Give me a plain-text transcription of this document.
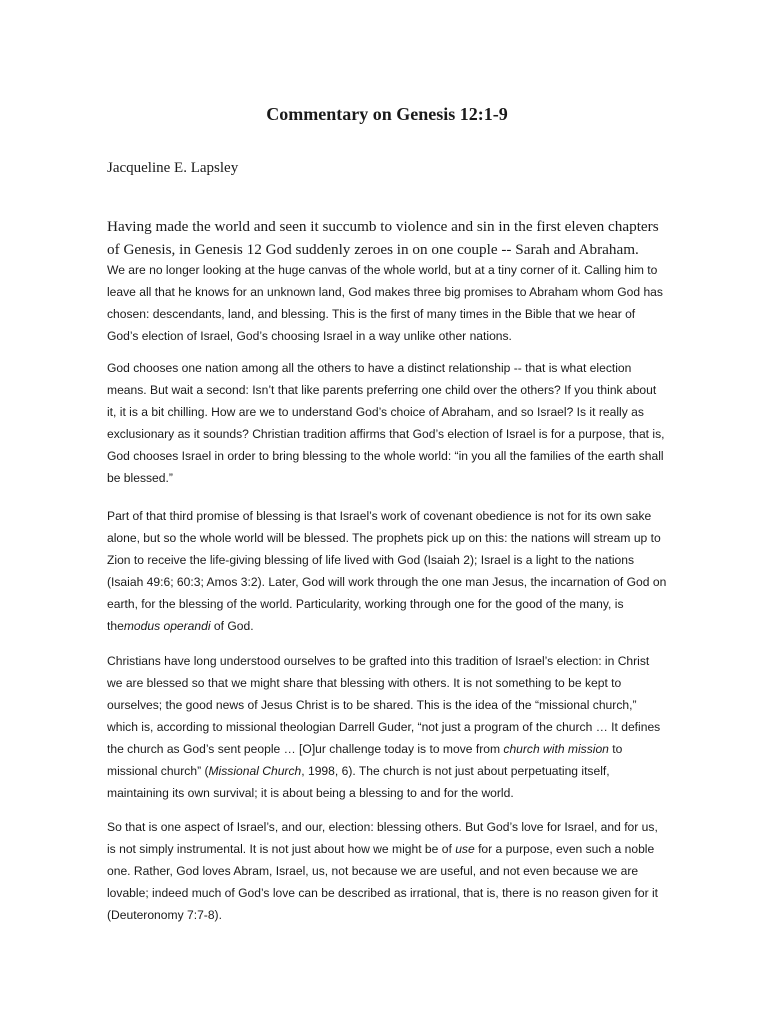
Commentary on Genesis 12:1-9

Jacqueline E. Lapsley

Having made the world and seen it succumb to violence and sin in the first eleven chapters of Genesis, in Genesis 12 God suddenly zeroes in on one couple -- Sarah and Abraham.

We are no longer looking at the huge canvas of the whole world, but at a tiny corner of it. Calling him to leave all that he knows for an unknown land, God makes three big promises to Abraham whom God has chosen: descendants, land, and blessing. This is the first of many times in the Bible that we hear of God’s election of Israel, God’s choosing Israel in a way unlike other nations.

God chooses one nation among all the others to have a distinct relationship -- that is what election means. But wait a second: Isn’t that like parents preferring one child over the others? If you think about it, it is a bit chilling. How are we to understand God’s choice of Abraham, and so Israel? Is it really as exclusionary as it sounds? Christian tradition affirms that God’s election of Israel is for a purpose, that is, God chooses Israel in order to bring blessing to the whole world: “in you all the families of the earth shall be blessed.”

Part of that third promise of blessing is that Israel’s work of covenant obedience is not for its own sake alone, but so the whole world will be blessed. The prophets pick up on this: the nations will stream up to Zion to receive the life-giving blessing of life lived with God (Isaiah 2); Israel is a light to the nations (Isaiah 49:6; 60:3; Amos 3:2). Later, God will work through the one man Jesus, the incarnation of God on earth, for the blessing of the world. Particularity, working through one for the good of the many, is themodus operandi of God.

Christians have long understood ourselves to be grafted into this tradition of Israel’s election: in Christ we are blessed so that we might share that blessing with others. It is not something to be kept to ourselves; the good news of Jesus Christ is to be shared. This is the idea of the “missional church,” which is, according to missional theologian Darrell Guder, “not just a program of the church … It defines the church as God’s sent people … [O]ur challenge today is to move from church with mission to missional church” (Missional Church, 1998, 6). The church is not just about perpetuating itself, maintaining its own survival; it is about being a blessing to and for the world.

So that is one aspect of Israel’s, and our, election: blessing others. But God’s love for Israel, and for us, is not simply instrumental. It is not just about how we might be of use for a purpose, even such a noble one. Rather, God loves Abram, Israel, us, not because we are useful, and not even because we are lovable; indeed much of God’s love can be described as irrational, that is, there is no reason given for it (Deuteronomy 7:7-8).
